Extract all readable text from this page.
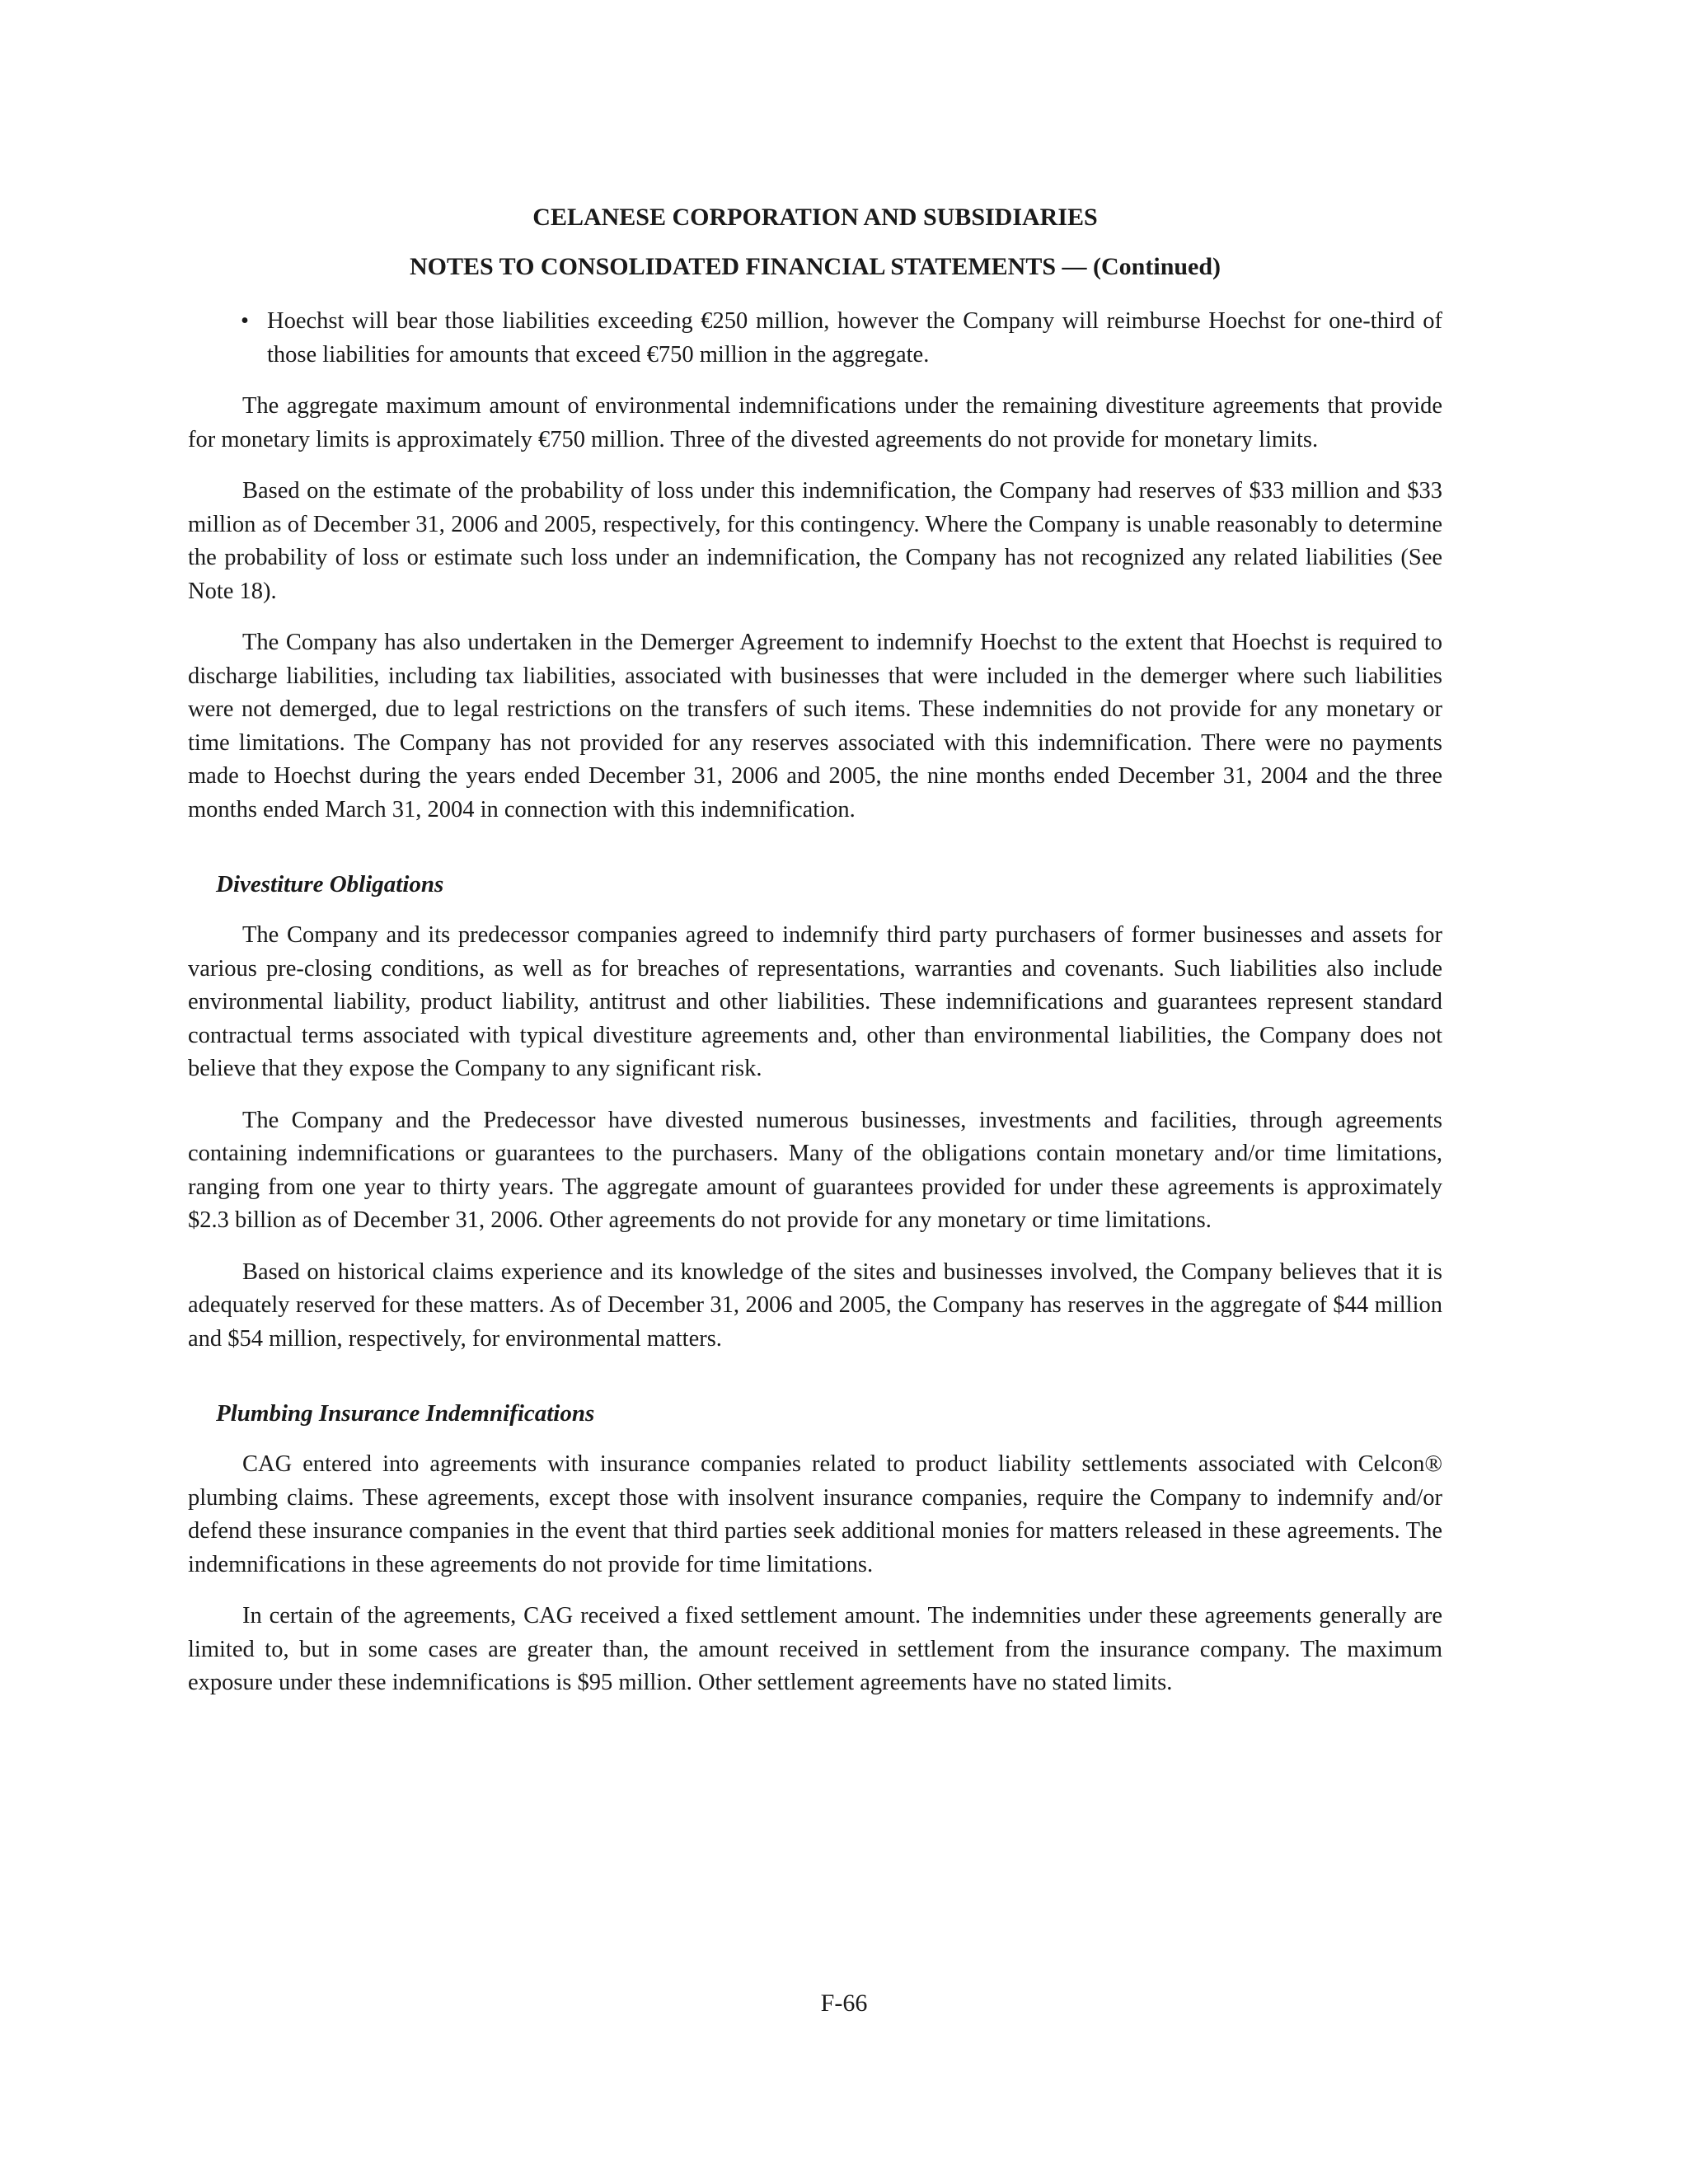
CELANESE CORPORATION AND SUBSIDIARIES
NOTES TO CONSOLIDATED FINANCIAL STATEMENTS — (Continued)
• Hoechst will bear those liabilities exceeding €250 million, however the Company will reimburse Hoechst for one-third of those liabilities for amounts that exceed €750 million in the aggregate.

The aggregate maximum amount of environmental indemnifications under the remaining divestiture agreements that provide for monetary limits is approximately €750 million. Three of the divested agreements do not provide for monetary limits.

Based on the estimate of the probability of loss under this indemnification, the Company had reserves of $33 million and $33 million as of December 31, 2006 and 2005, respectively, for this contingency. Where the Company is unable reasonably to determine the probability of loss or estimate such loss under an indemnification, the Company has not recognized any related liabilities (See Note 18).

The Company has also undertaken in the Demerger Agreement to indemnify Hoechst to the extent that Hoechst is required to discharge liabilities, including tax liabilities, associated with businesses that were included in the demerger where such liabilities were not demerged, due to legal restrictions on the transfers of such items. These indemnities do not provide for any monetary or time limitations. The Company has not provided for any reserves associated with this indemnification. There were no payments made to Hoechst during the years ended December 31, 2006 and 2005, the nine months ended December 31, 2004 and the three months ended March 31, 2004 in connection with this indemnification.

Divestiture Obligations

The Company and its predecessor companies agreed to indemnify third party purchasers of former businesses and assets for various pre-closing conditions, as well as for breaches of representations, warranties and covenants. Such liabilities also include environmental liability, product liability, antitrust and other liabilities. These indemnifications and guarantees represent standard contractual terms associated with typical divestiture agreements and, other than environmental liabilities, the Company does not believe that they expose the Company to any significant risk.

The Company and the Predecessor have divested numerous businesses, investments and facilities, through agreements containing indemnifications or guarantees to the purchasers. Many of the obligations contain monetary and/or time limitations, ranging from one year to thirty years. The aggregate amount of guarantees provided for under these agreements is approximately $2.3 billion as of December 31, 2006. Other agreements do not provide for any monetary or time limitations.

Based on historical claims experience and its knowledge of the sites and businesses involved, the Company believes that it is adequately reserved for these matters. As of December 31, 2006 and 2005, the Company has reserves in the aggregate of $44 million and $54 million, respectively, for environmental matters.

Plumbing Insurance Indemnifications

CAG entered into agreements with insurance companies related to product liability settlements associated with Celcon® plumbing claims. These agreements, except those with insolvent insurance companies, require the Company to indemnify and/or defend these insurance companies in the event that third parties seek additional monies for matters released in these agreements. The indemnifications in these agreements do not provide for time limitations.

In certain of the agreements, CAG received a fixed settlement amount. The indemnities under these agreements generally are limited to, but in some cases are greater than, the amount received in settlement from the insurance company. The maximum exposure under these indemnifications is $95 million. Other settlement agreements have no stated limits.

F-66
